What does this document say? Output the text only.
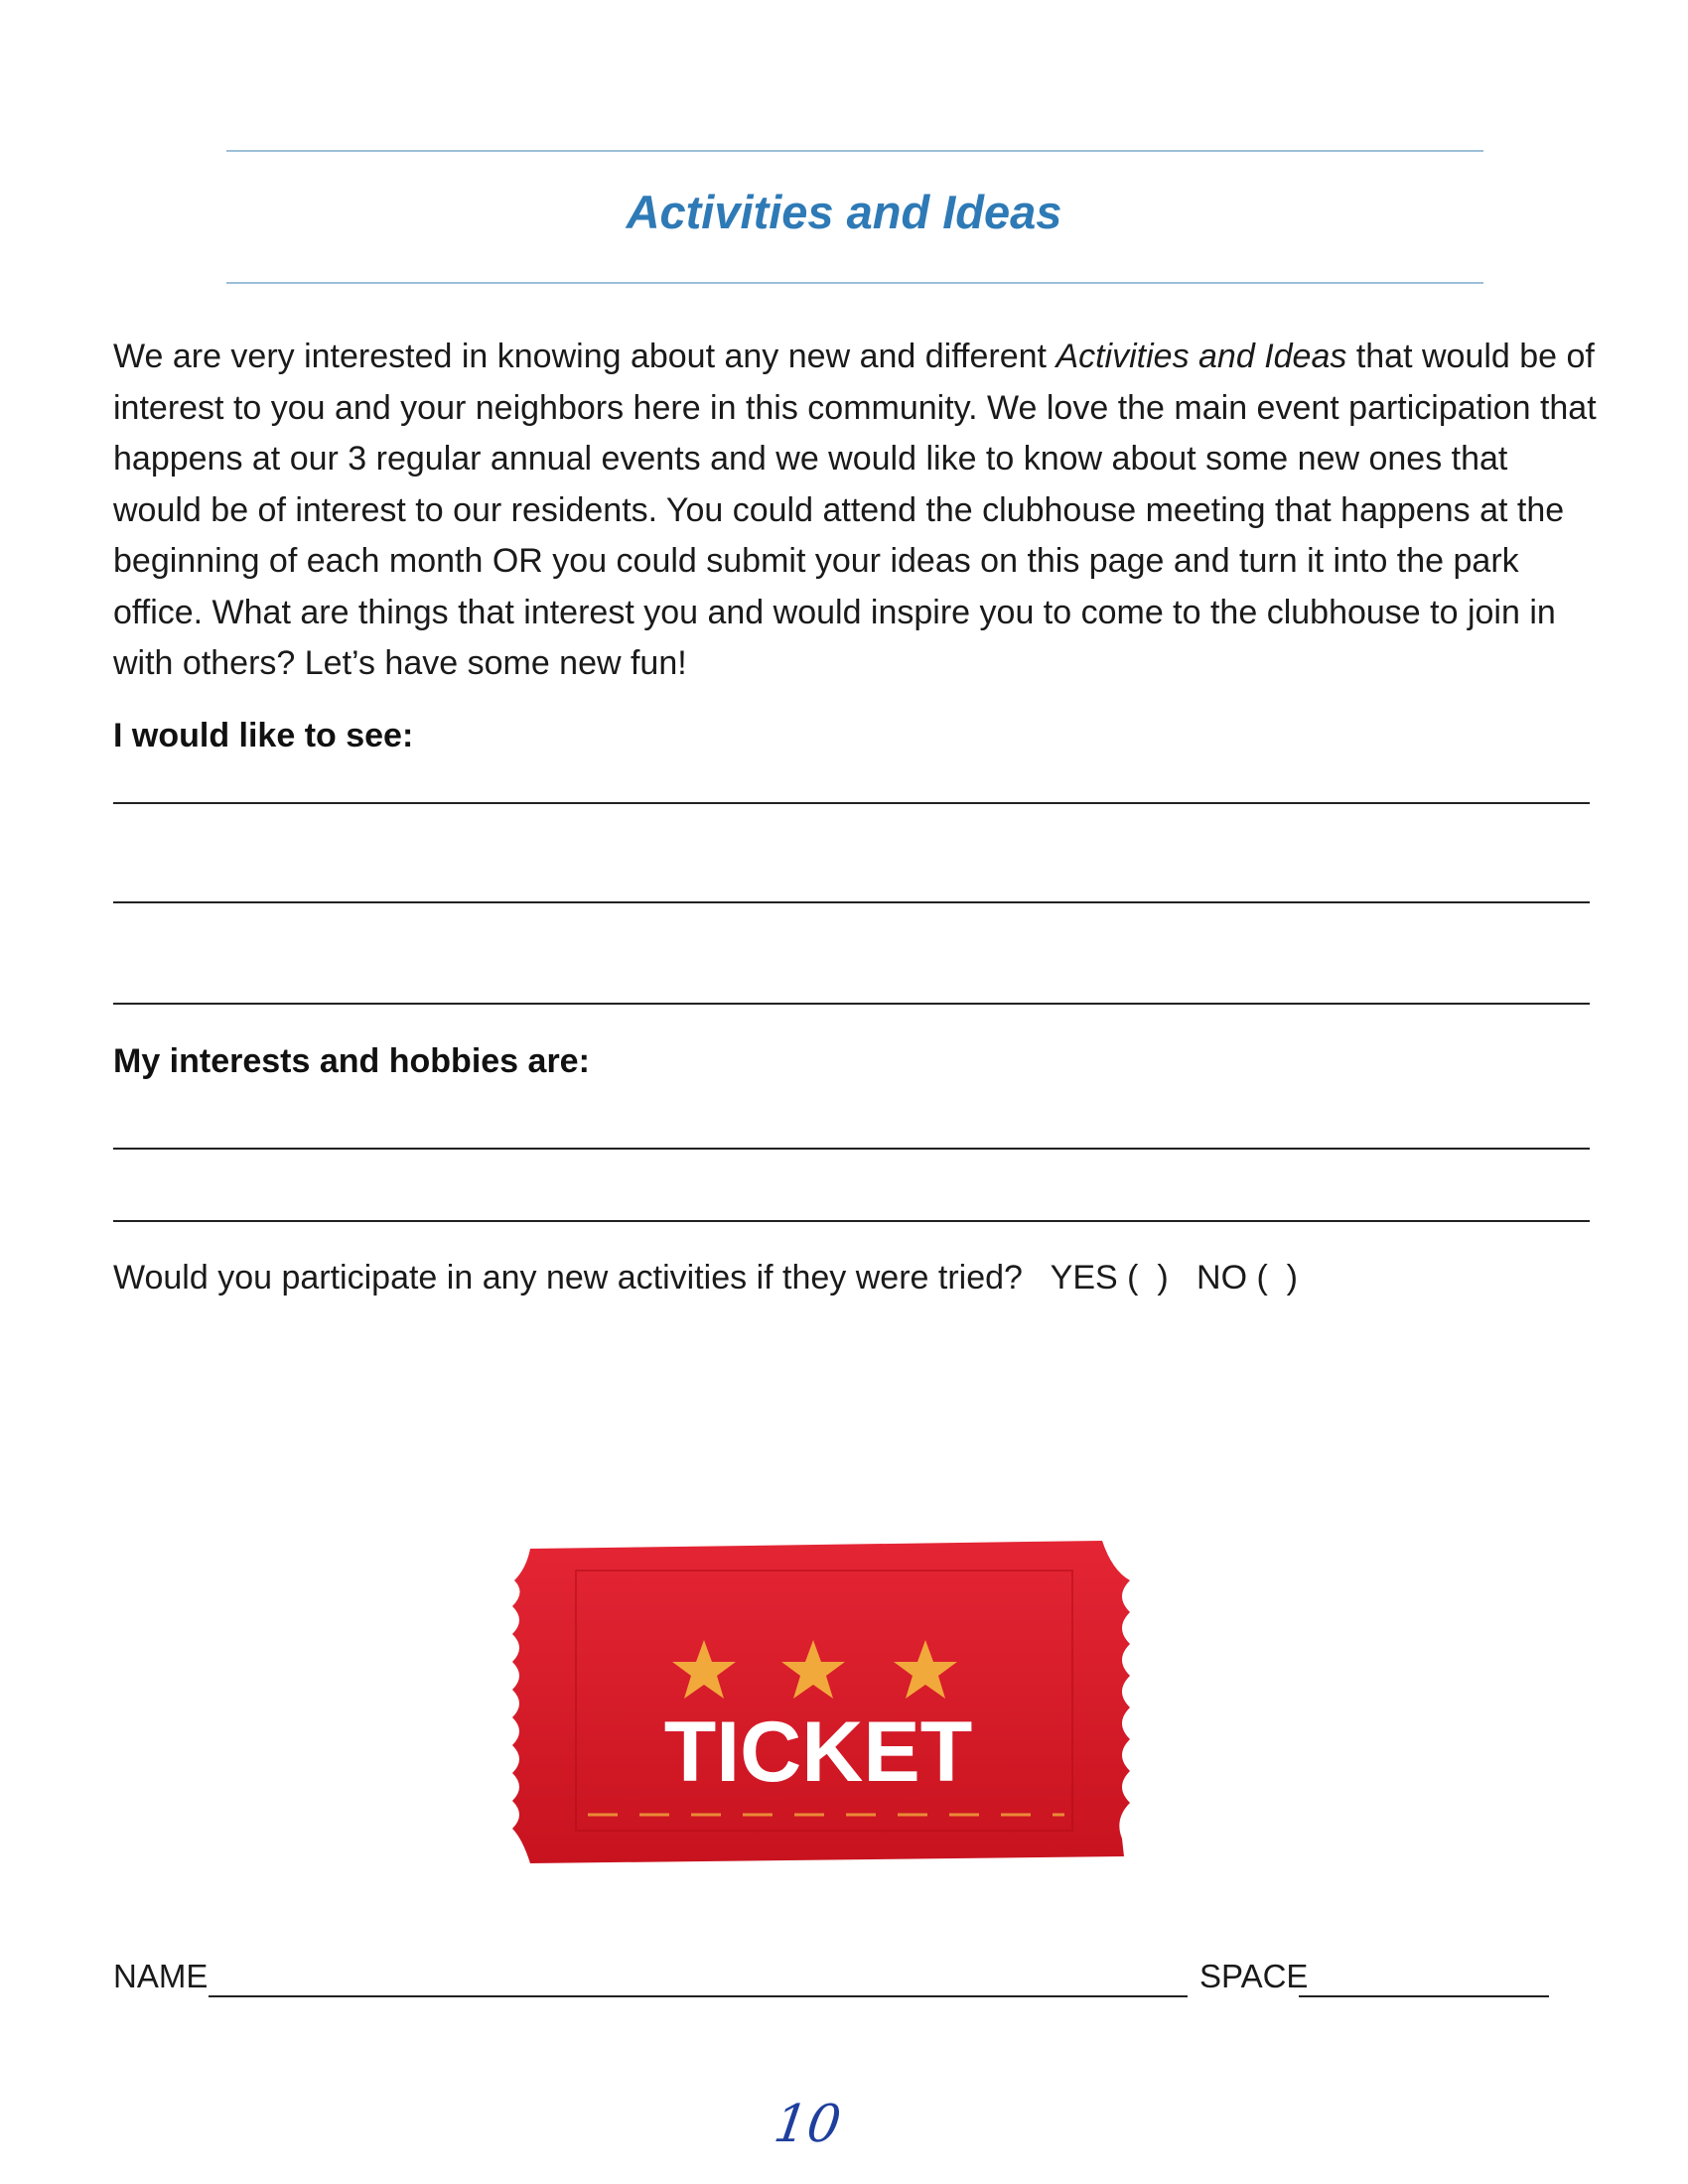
Activities and Ideas

We are very interested in knowing about any new and different Activities and Ideas that would be of interest to you and your neighbors here in this community. We love the main event participation that happens at our 3 regular annual events and we would like to know about some new ones that would be of interest to our residents. You could attend the clubhouse meeting that happens at the beginning of each month OR you could submit your ideas on this page and turn it into the park office. What are things that interest you and would inspire you to come to the clubhouse to join in with others? Let’s have some new fun!

I would like to see:
My interests and hobbies are:
Would you participate in any new activities if they were tried?   YES (  )   NO (  )
TICKET
NAME	SPACE
10
